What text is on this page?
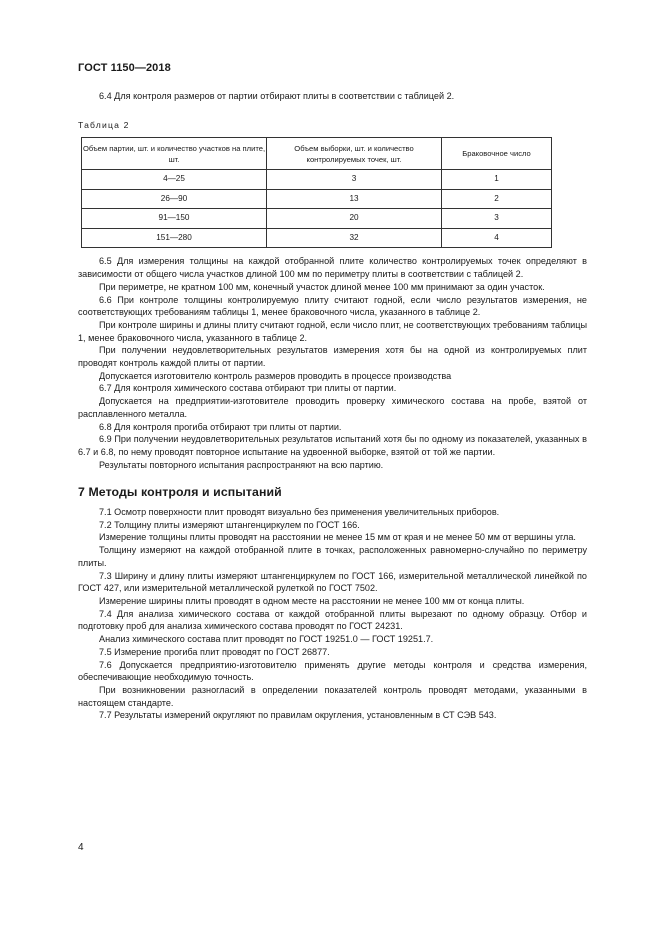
ГОСТ 1150—2018

6.4 Для контроля размеров от партии отбирают плиты в соответствии с таблицей 2.

Таблица 2

Объем партии, шт. и количество участков на плите, шт.	Объем выборки, шт. и количество контролируемых точек, шт.	Браковочное число
4—25	3	1
26—90	13	2
91—150	20	3
151—280	32	4

6.5 Для измерения толщины на каждой отобранной плите количество контролируемых точек определяют в зависимости от общего числа участков длиной 100 мм по периметру плиты в соответствии с таблицей 2.

При периметре, не кратном 100 мм, конечный участок длиной менее 100 мм принимают за один участок.

6.6 При контроле толщины контролируемую плиту считают годной, если число результатов измерения, не соответствующих требованиям таблицы 1, менее браковочного числа, указанного в таблице 2.

При контроле ширины и длины плиту считают годной, если число плит, не соответствующих требованиям таблицы 1, менее браковочного числа, указанного в таблице 2.

При получении неудовлетворительных результатов измерения хотя бы на одной из контролируемых плит проводят контроль каждой плиты от партии.

Допускается изготовителю контроль размеров проводить в процессе производства

6.7 Для контроля химического состава отбирают три плиты от партии.

Допускается на предприятии-изготовителе проводить проверку химического состава на пробе, взятой от расплавленного металла.

6.8 Для контроля прогиба отбирают три плиты от партии.

6.9 При получении неудовлетворительных результатов испытаний хотя бы по одному из показателей, указанных в 6.7 и 6.8, по нему проводят повторное испытание на удвоенной выборке, взятой от той же партии.

Результаты повторного испытания распространяют на всю партию.

7 Методы контроля и испытаний

7.1 Осмотр поверхности плит проводят визуально без применения увеличительных приборов.

7.2 Толщину плиты измеряют штангенциркулем по ГОСТ 166.

Измерение толщины плиты проводят на расстоянии не менее 15 мм от края и не менее 50 мм от вершины угла.

Толщину измеряют на каждой отобранной плите в точках, расположенных равномерно-случайно по периметру плиты.

7.3 Ширину и длину плиты измеряют штангенциркулем по ГОСТ 166, измерительной металлической линейкой по ГОСТ 427, или измерительной металлической рулеткой по ГОСТ 7502.

Измерение ширины плиты проводят в одном месте на расстоянии не менее 100 мм от конца плиты.

7.4 Для анализа химического состава от каждой отобранной плиты вырезают по одному образцу. Отбор и подготовку проб для анализа химического состава проводят по ГОСТ 24231.

Анализ химического состава плит проводят по ГОСТ 19251.0 — ГОСТ 19251.7.

7.5 Измерение прогиба плит проводят по ГОСТ 26877.

7.6 Допускается предприятию-изготовителю применять другие методы контроля и средства измерения, обеспечивающие необходимую точность.

При возникновении разногласий в определении показателей контроль проводят методами, указанными в настоящем стандарте.

7.7 Результаты измерений округляют по правилам округления, установленным в СТ СЭВ 543.

4
